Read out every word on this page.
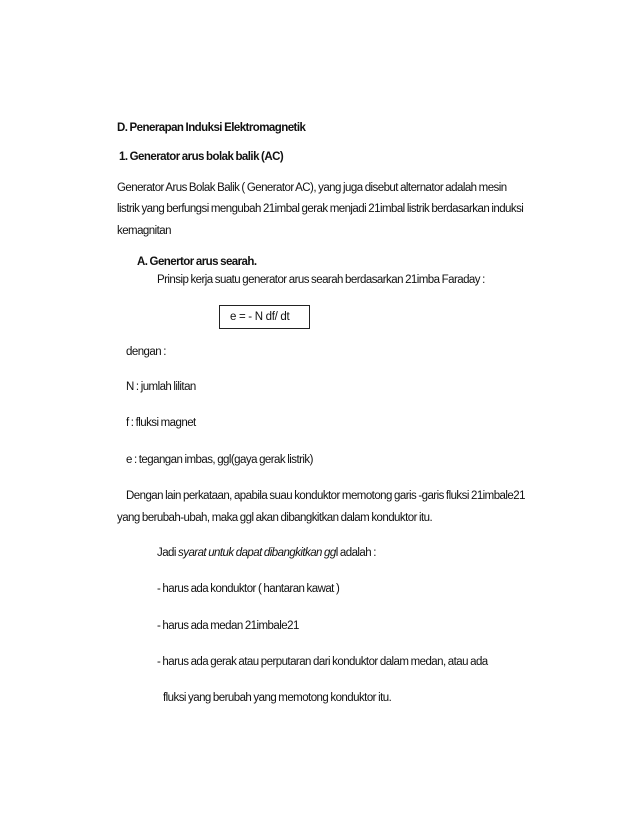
D. Penerapan Induksi Elektromagnetik
1. Generator arus bolak balik (AC)
Generator Arus Bolak Balik ( Generator AC), yang juga disebut alternator adalah mesin
listrik yang berfungsi mengubah 21imbal gerak menjadi 21imbal listrik berdasarkan induksi
kemagnitan
A. Genertor arus searah.
Prinsip kerja suatu generator arus searah berdasarkan 21imba Faraday :
e = - N df/ dt
dengan :
N : jumlah lilitan
f : fluksi magnet
e : tegangan imbas, ggl(gaya gerak listrik)
Dengan lain perkataan, apabila suau konduktor memotong garis -garis fluksi 21imbale21
yang berubah-ubah, maka ggl akan dibangkitkan dalam konduktor itu.
Jadi syarat untuk dapat dibangkitkan ggl adalah :
- harus ada konduktor ( hantaran kawat )
- harus ada medan 21imbale21
- harus ada gerak atau perputaran dari konduktor dalam medan, atau ada
fluksi yang berubah yang memotong konduktor itu.
